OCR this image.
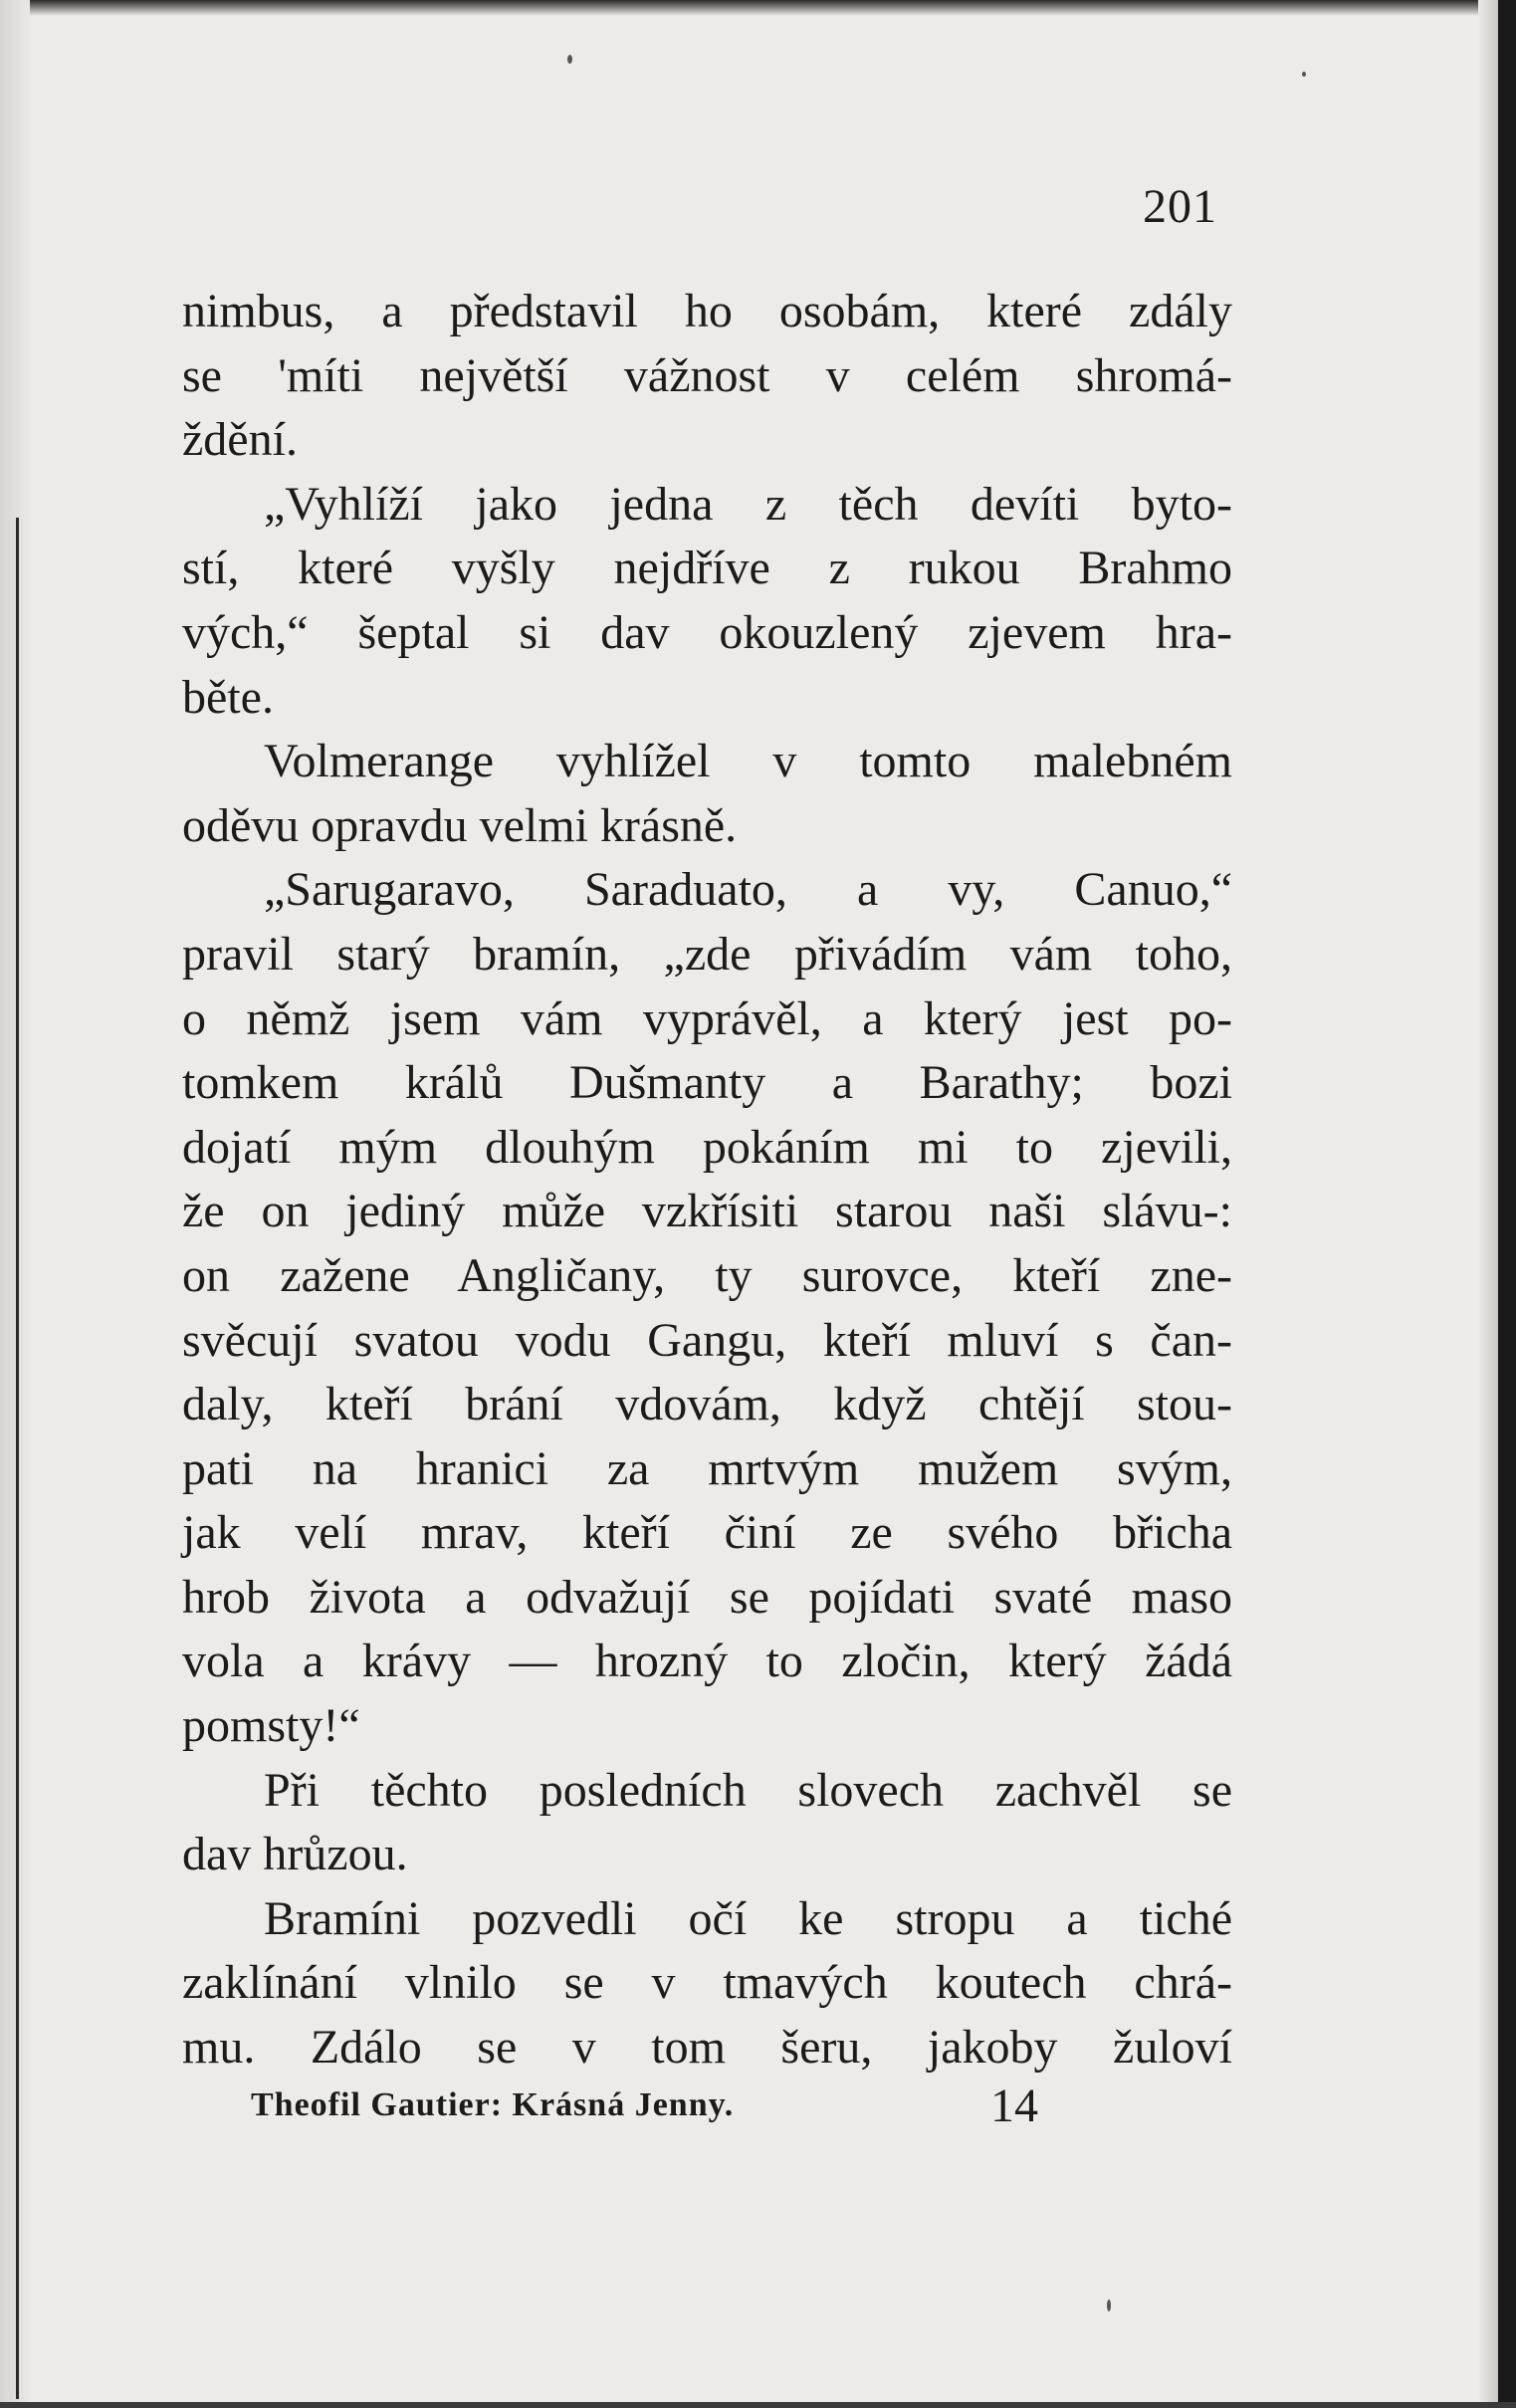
201

nimbus, a představil ho osobám, které zdály
se 'míti největší vážnost v celém shromá-
ždění.
„Vyhlíží jako jedna z těch devíti byto-
stí, které vyšly nejdříve z rukou Brahmo
vých,“ šeptal si dav okouzlený zjevem hra-
běte.
Volmerange vyhlížel v tomto malebném
oděvu opravdu velmi krásně.
„Sarugaravo, Saraduato, a vy, Canuo,“
pravil starý bramín, „zde přivádím vám toho,
o němž jsem vám vyprávěl, a který jest po-
tomkem králů Dušmanty a Barathy; bozi
dojatí mým dlouhým pokáním mi to zjevili,
že on jediný může vzkřísiti starou naši slávu-:
on zažene Angličany, ty surovce, kteří zne-
svěcují svatou vodu Gangu, kteří mluví s čan-
daly, kteří brání vdovám, když chtějí stou-
pati na hranici za mrtvým mužem svým,
jak velí mrav, kteří činí ze svého břicha
hrob života a odvažují se pojídati svaté maso
vola a krávy — hrozný to zločin, který žádá
pomsty!“
Při těchto posledních slovech zachvěl se
dav hrůzou.
Bramíni pozvedli očí ke stropu a tiché
zaklínání vlnilo se v tmavých koutech chrá-
mu. Zdálo se v tom šeru, jakoby žuloví
Theofil Gautier: Krásná Jenny.	14
